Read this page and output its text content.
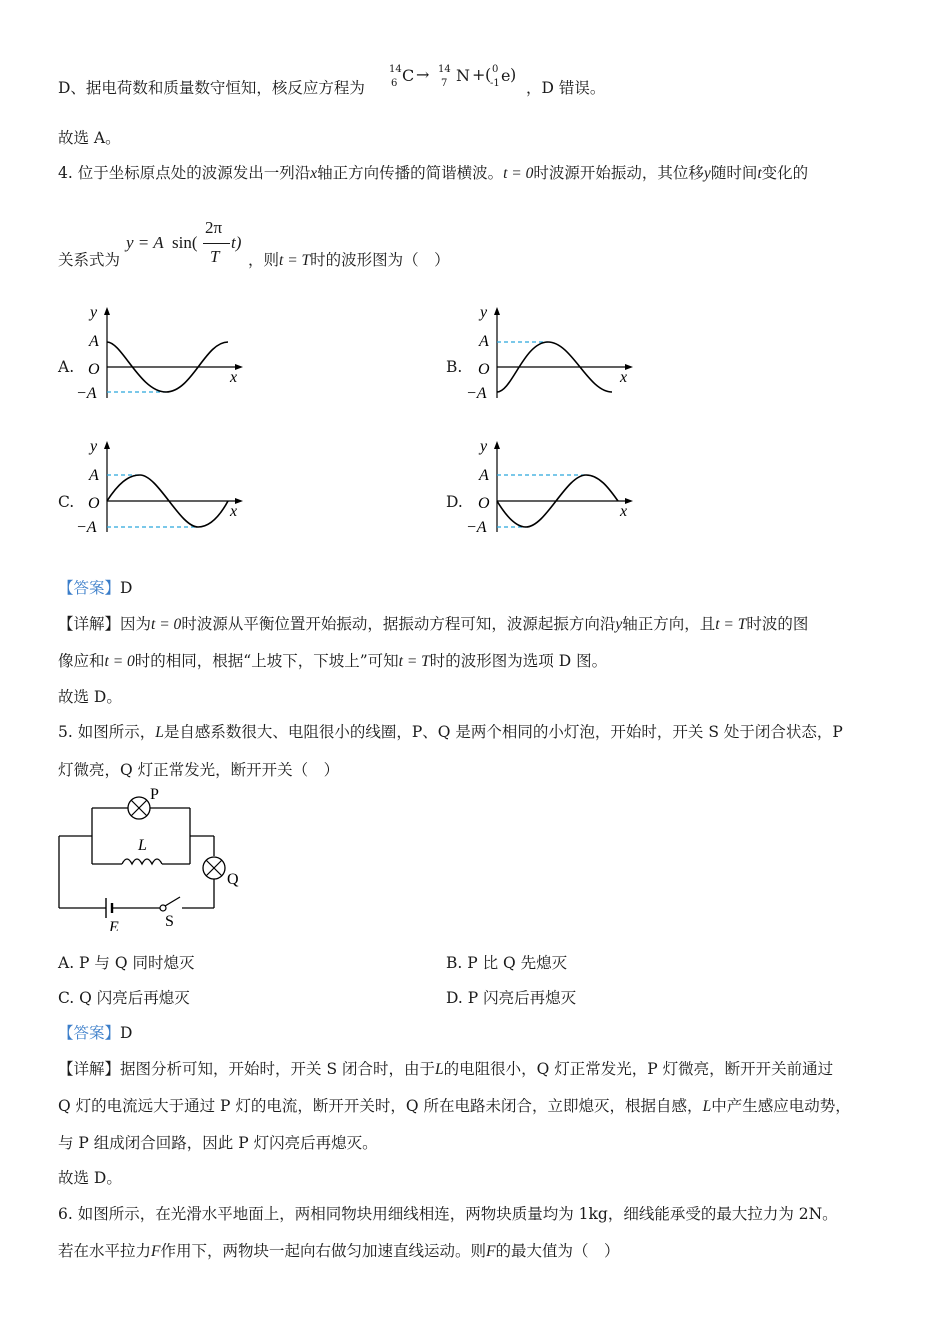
D、据电荷数和质量数守恒知，核反应方程为
14
6 C → 14
7 N + ( 0
-1 e )
，D 错误。
故选 A。
4. 位于坐标原点处的波源发出一列沿x轴正方向传播的简谐横波。t = 0时波源开始振动，其位移y随时间t变化的
关系式为
y = A sin(
2π
T
t)
，则t = T时的波形图为（　）
A.	B.
C.	D.
y
A
O
−A
x
y
A
O
−A
x
y
A
O
−A
x
y
A
O
−A
x
【答案】D
【详解】因为t = 0时波源从平衡位置开始振动，据振动方程可知，波源起振方向沿y轴正方向，且t = T时波的图
像应和t = 0时的相同，根据“上坡下，下坡上”可知t = T时的波形图为选项 D 图。
故选 D。
5. 如图所示，L是自感系数很大、电阻很小的线圈，P、Q 是两个相同的小灯泡，开始时，开关 S 处于闭合状态，P
灯微亮，Q 灯正常发光，断开开关（　）
P
L
Q
E	S
A. P 与 Q 同时熄灭	B. P 比 Q 先熄灭
C. Q 闪亮后再熄灭	D. P 闪亮后再熄灭
【答案】D
【详解】据图分析可知，开始时，开关 S 闭合时，由于L的电阻很小，Q 灯正常发光，P 灯微亮，断开开关前通过
Q 灯的电流远大于通过 P 灯的电流，断开开关时，Q 所在电路未闭合，立即熄灭，根据自感，L中产生感应电动势，
与 P 组成闭合回路，因此 P 灯闪亮后再熄灭。
故选 D。
6. 如图所示，在光滑水平地面上，两相同物块用细线相连，两物块质量均为 1kg，细线能承受的最大拉力为 2N。
若在水平拉力F作用下，两物块一起向右做匀加速直线运动。则F的最大值为（　）
